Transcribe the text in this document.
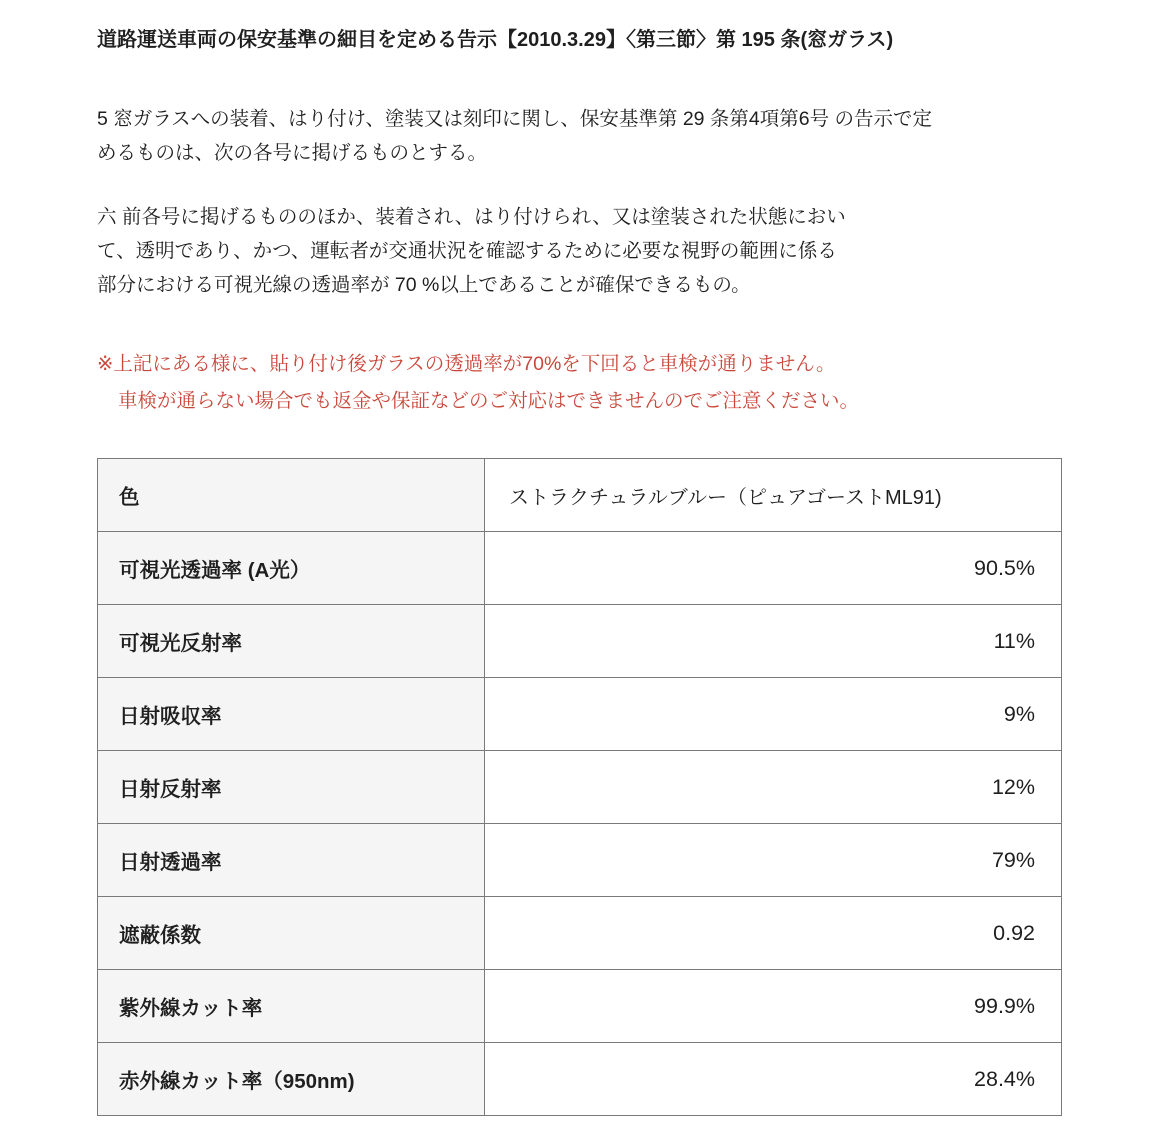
道路運送車両の保安基準の細目を定める告示【2010.3.29】〈第三節〉第 195 条(窓ガラス)
5 窓ガラスへの装着、はり付け、塗装又は刻印に関し、保安基準第 29 条第4項第6号 の告示で定
めるものは、次の各号に掲げるものとする。
六 前各号に掲げるもののほか、装着され、はり付けられ、又は塗装された状態におい
て、透明であり、かつ、運転者が交通状況を確認するために必要な視野の範囲に係る
部分における可視光線の透過率が 70 %以上であることが確保できるもの。
※上記にある様に、貼り付け後ガラスの透過率が70%を下回ると車検が通りません。
車検が通らない場合でも返金や保証などのご対応はできませんのでご注意ください。
色	ストラクチュラルブルー（ピュアゴーストML91)
可視光透過率 (A光）	90.5%
可視光反射率	11%
日射吸収率	9%
日射反射率	12%
日射透過率	79%
遮蔽係数	0.92
紫外線カット率	99.9%
赤外線カット率（950nm)	28.4%
